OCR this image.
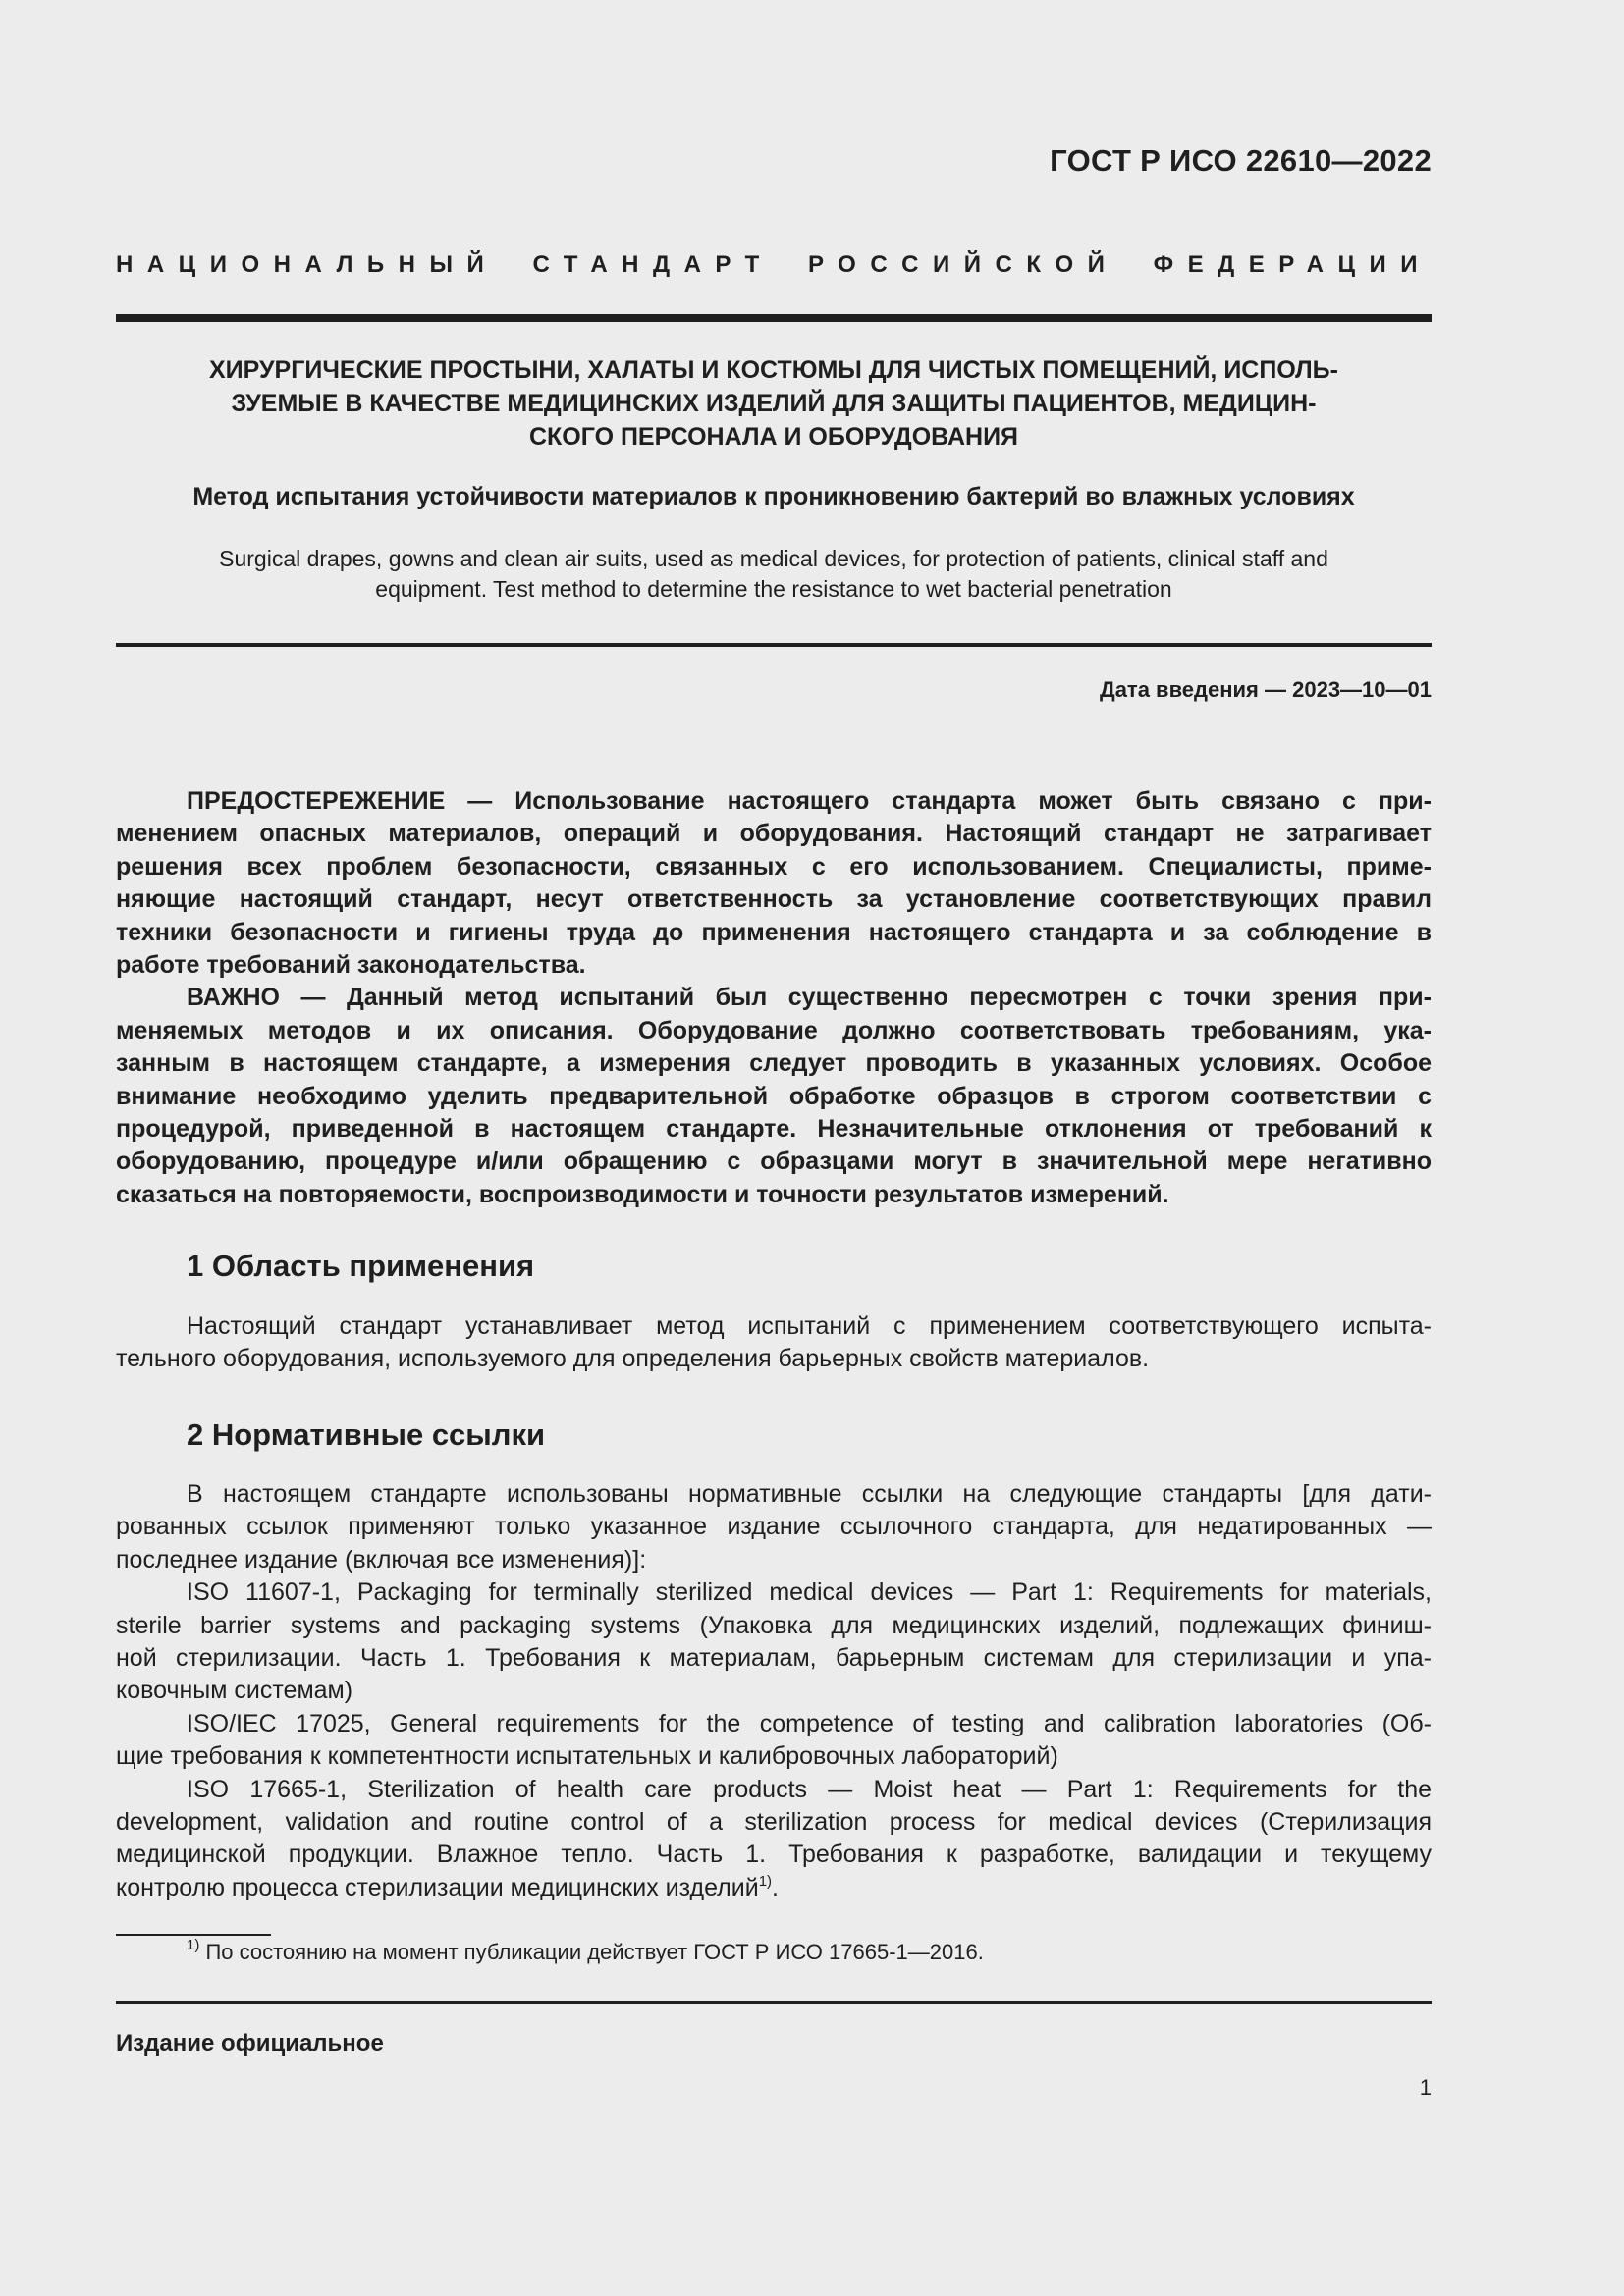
ГОСТ Р ИСО 22610—2022
НАЦИОНАЛЬНЫЙ СТАНДАРТ РОССИЙСКОЙ ФЕДЕРАЦИИ
ХИРУРГИЧЕСКИЕ ПРОСТЫНИ, ХАЛАТЫ И КОСТЮМЫ ДЛЯ ЧИСТЫХ ПОМЕЩЕНИЙ, ИСПОЛЬ-
ЗУЕМЫЕ В КАЧЕСТВЕ МЕДИЦИНСКИХ ИЗДЕЛИЙ ДЛЯ ЗАЩИТЫ ПАЦИЕНТОВ, МЕДИЦИН-
СКОГО ПЕРСОНАЛА И ОБОРУДОВАНИЯ
Метод испытания устойчивости материалов к проникновению бактерий во влажных условиях
Surgical drapes, gowns and clean air suits, used as medical devices, for protection of patients, clinical staff and
equipment. Test method to determine the resistance to wet bacterial penetration
Дата введения — 2023—10—01
ПРЕДОСТЕРЕЖЕНИЕ — Использование настоящего стандарта может быть связано с при-
менением опасных материалов, операций и оборудования. Настоящий стандарт не затрагивает
решения всех проблем безопасности, связанных с его использованием. Специалисты, приме-
няющие настоящий стандарт, несут ответственность за установление соответствующих правил
техники безопасности и гигиены труда до применения настоящего стандарта и за соблюдение в
работе требований законодательства.
ВАЖНО — Данный метод испытаний был существенно пересмотрен с точки зрения при-
меняемых методов и их описания. Оборудование должно соответствовать требованиям, ука-
занным в настоящем стандарте, а измерения следует проводить в указанных условиях. Особое
внимание необходимо уделить предварительной обработке образцов в строгом соответствии с
процедурой, приведенной в настоящем стандарте. Незначительные отклонения от требований к
оборудованию, процедуре и/или обращению с образцами могут в значительной мере негативно
сказаться на повторяемости, воспроизводимости и точности результатов измерений.
1 Область применения
Настоящий стандарт устанавливает метод испытаний с применением соответствующего испыта-
тельного оборудования, используемого для определения барьерных свойств материалов.
2 Нормативные ссылки
В настоящем стандарте использованы нормативные ссылки на следующие стандарты [для дати-
рованных ссылок применяют только указанное издание ссылочного стандарта, для недатированных —
последнее издание (включая все изменения)]:
ISO 11607-1, Packaging for terminally sterilized medical devices — Part 1: Requirements for materials,
sterile barrier systems and packaging systems (Упаковка для медицинских изделий, подлежащих финиш-
ной стерилизации. Часть 1. Требования к материалам, барьерным системам для стерилизации и упа-
ковочным системам)
ISO/IEC 17025, General requirements for the competence of testing and calibration laboratories (Об-
щие требования к компетентности испытательных и калибровочных лабораторий)
ISO 17665-1, Sterilization of health care products — Moist heat — Part 1: Requirements for the
development, validation and routine control of a sterilization process for medical devices (Стерилизация
медицинской продукции. Влажное тепло. Часть 1. Требования к разработке, валидации и текущему
контролю процесса стерилизации медицинских изделий$^{1)}$.
$^{1)}$ По состоянию на момент публикации действует ГОСТ Р ИСО 17665-1—2016.
Издание официальное
1
